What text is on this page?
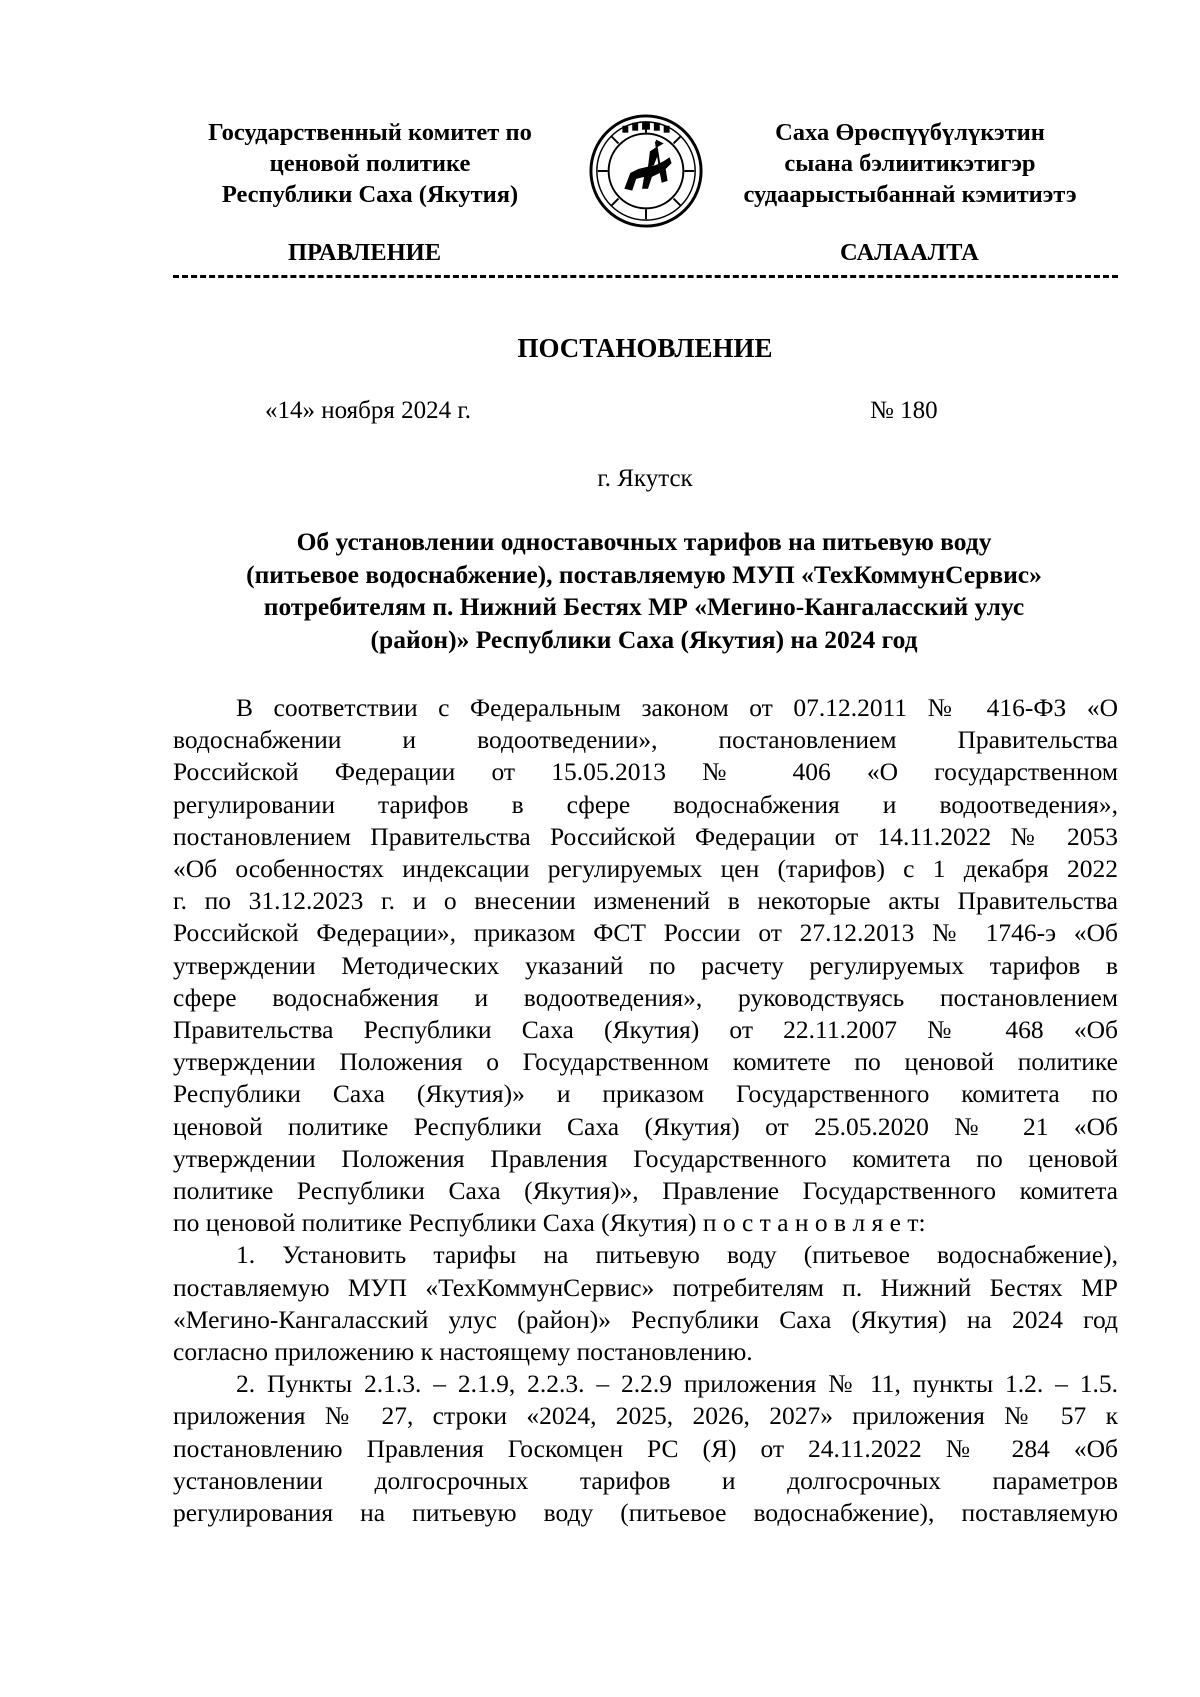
Государственный комитет по
ценовой политике
Республики Саха (Якутия)
Саха Өрөспүүбүлүкэтин
сыана бэлиитикэтигэр
судаарыстыбаннай кэмитиэтэ
ПРАВЛЕНИЕ	САЛААЛТА
ПОСТАНОВЛЕНИЕ
«14» ноября 2024 г.	№ 180
г. Якутск
Об установлении одноставочных тарифов на питьевую воду
(питьевое водоснабжение), поставляемую МУП «ТехКоммунСервис»
потребителям п. Нижний Бестях МР «Мегино-Кангаласский улус
(район)» Республики Саха (Якутия) на 2024 год
В соответствии с Федеральным законом от 07.12.2011 № 416-ФЗ «О
водоснабжении и водоотведении», постановлением Правительства
Российской Федерации от 15.05.2013 № 406 «О государственном
регулировании тарифов в сфере водоснабжения и водоотведения»,
постановлением Правительства Российской Федерации от 14.11.2022 № 2053
«Об особенностях индексации регулируемых цен (тарифов) с 1 декабря 2022
г. по 31.12.2023 г. и о внесении изменений в некоторые акты Правительства
Российской Федерации», приказом ФСТ России от 27.12.2013 № 1746-э «Об
утверждении Методических указаний по расчету регулируемых тарифов в
сфере водоснабжения и водоотведения», руководствуясь постановлением
Правительства Республики Саха (Якутия) от 22.11.2007 № 468 «Об
утверждении Положения о Государственном комитете по ценовой политике
Республики Саха (Якутия)» и приказом Государственного комитета по
ценовой политике Республики Саха (Якутия) от 25.05.2020 № 21 «Об
утверждении Положения Правления Государственного комитета по ценовой
политике Республики Саха (Якутия)», Правление Государственного комитета
по ценовой политике Республики Саха (Якутия) п о с т а н о в л я е т:
1. Установить тарифы на питьевую воду (питьевое водоснабжение),
поставляемую МУП «ТехКоммунСервис» потребителям п. Нижний Бестях МР
«Мегино-Кангаласский улус (район)» Республики Саха (Якутия) на 2024 год
согласно приложению к настоящему постановлению.
2. Пункты 2.1.3. – 2.1.9, 2.2.3. – 2.2.9 приложения № 11, пункты 1.2. – 1.5.
приложения № 27, строки «2024, 2025, 2026, 2027» приложения № 57 к
постановлению Правления Госкомцен РС (Я) от 24.11.2022 № 284 «Об
установлении долгосрочных тарифов и долгосрочных параметров
регулирования на питьевую воду (питьевое водоснабжение), поставляемую
